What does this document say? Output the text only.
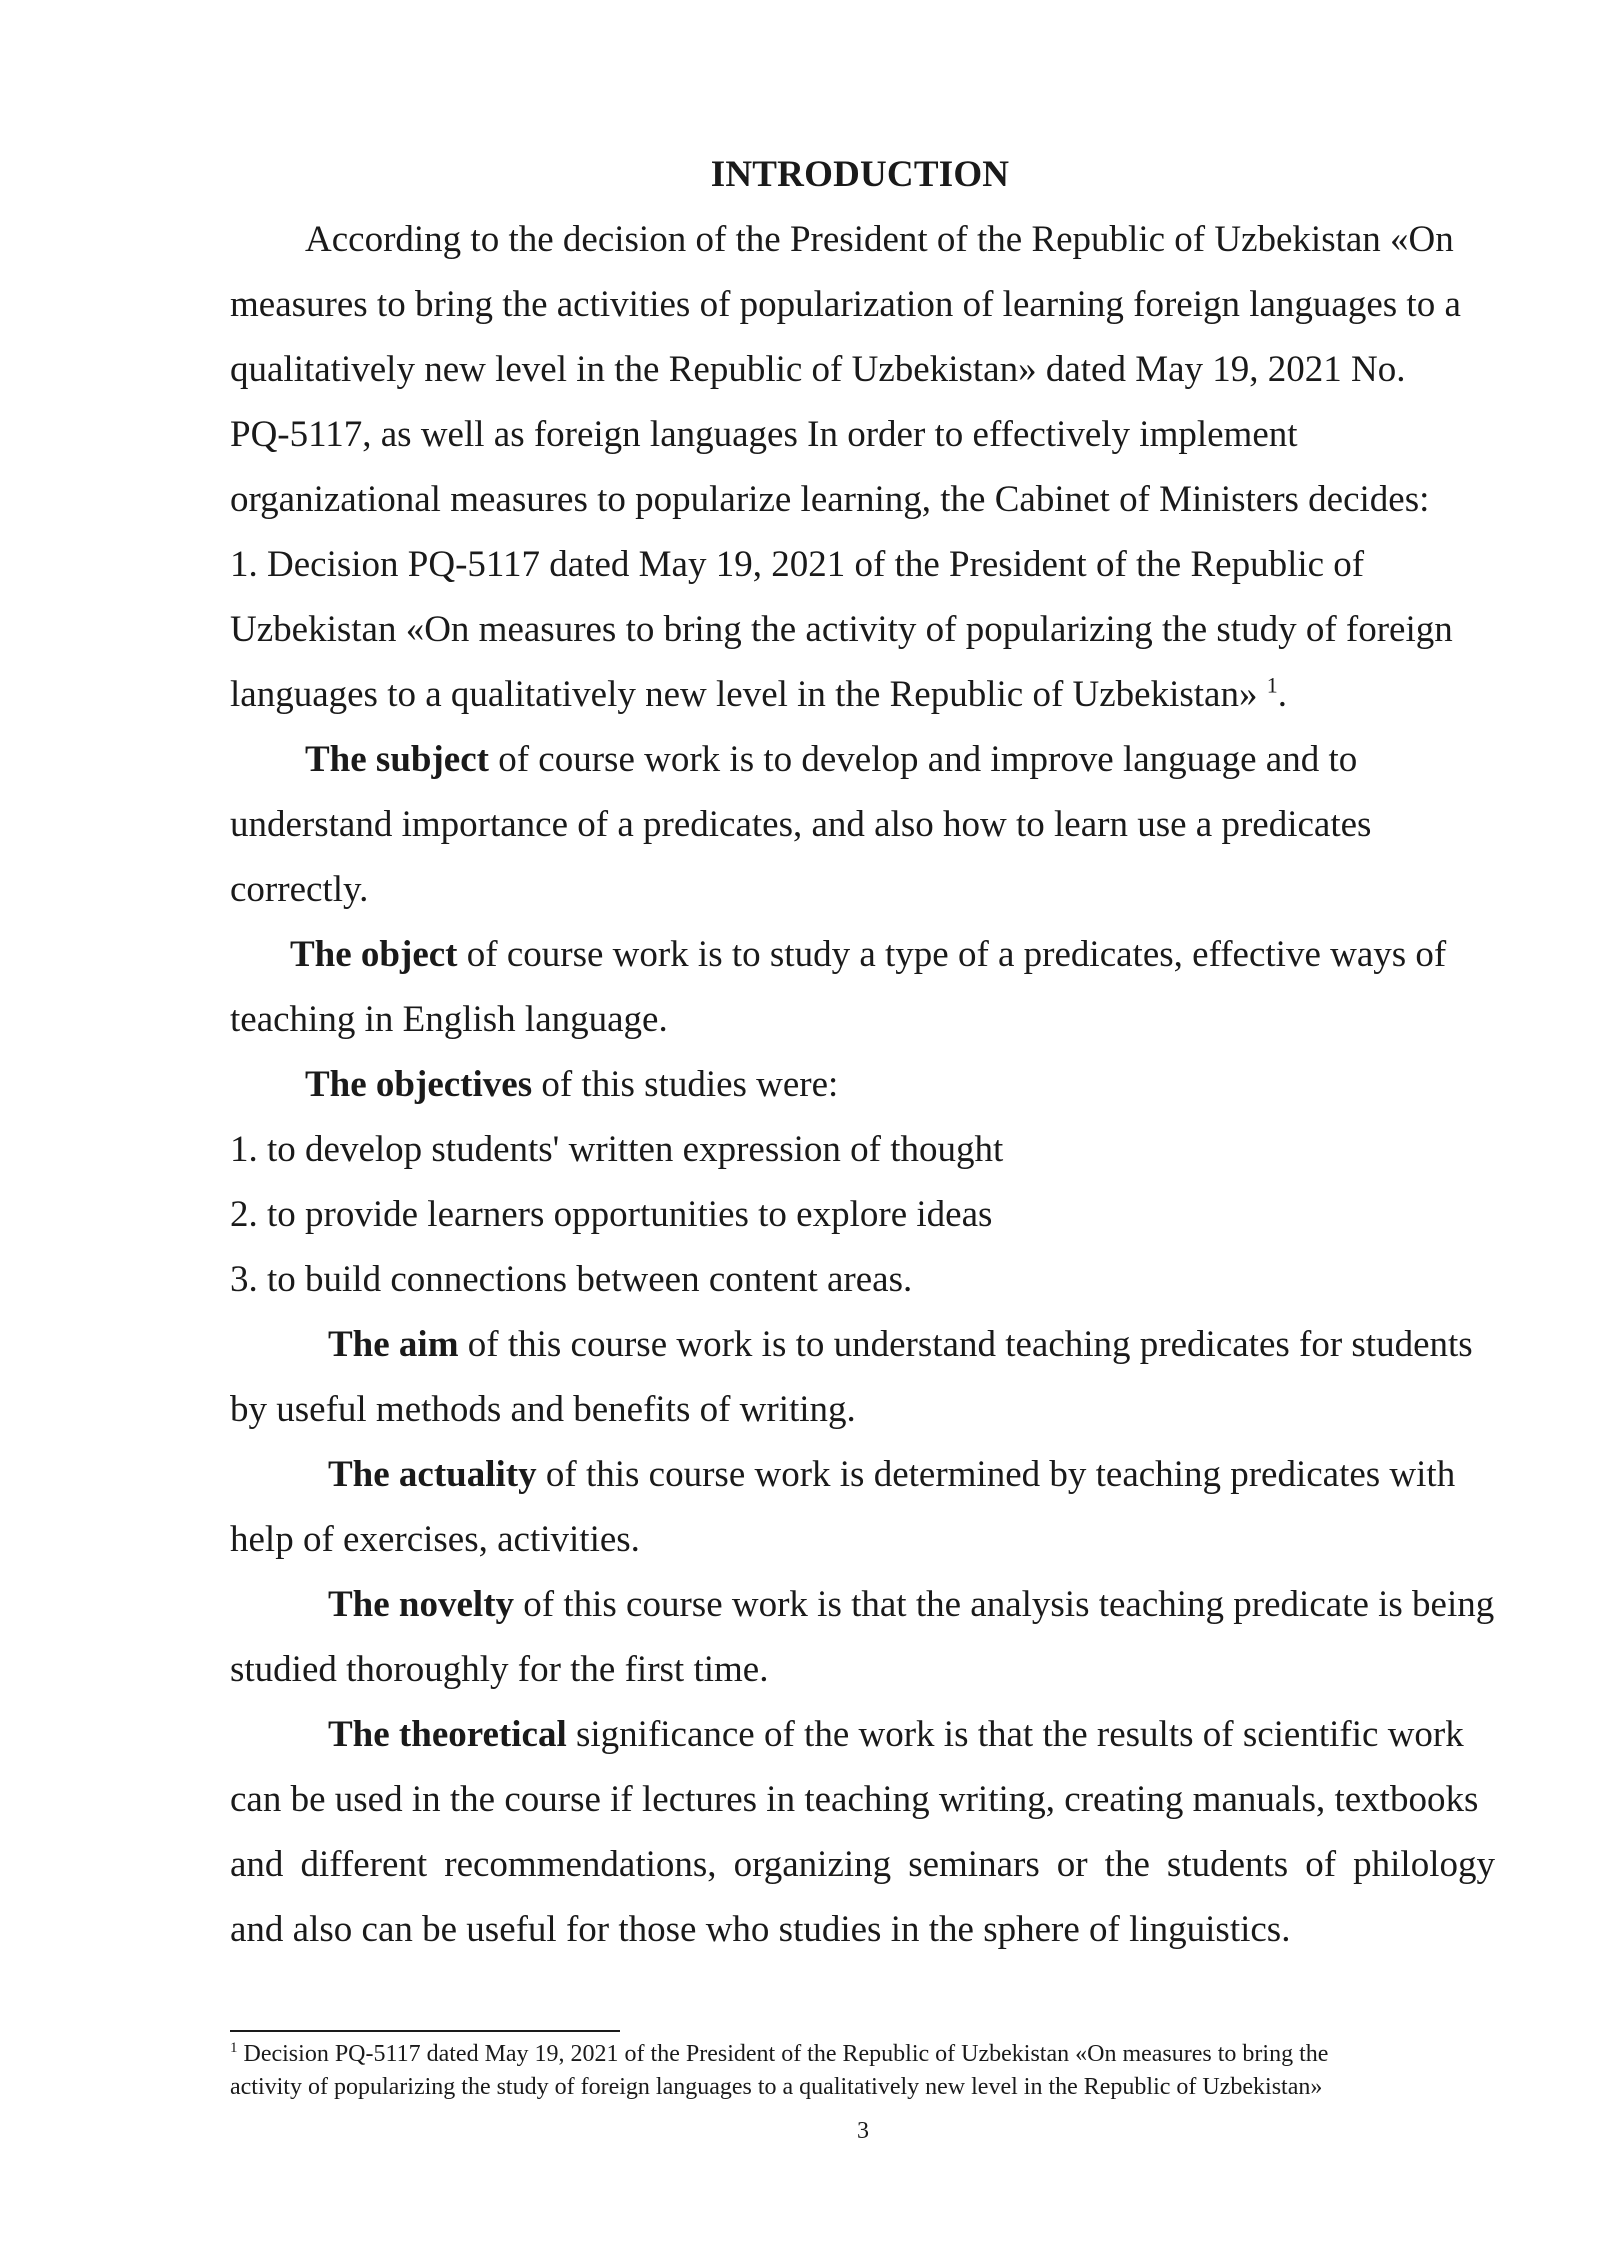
INTRODUCTION
According to the decision of the President of the Republic of Uzbekistan «On
measures to bring the activities of popularization of learning foreign languages to a
qualitatively new level in the Republic of Uzbekistan» dated May 19, 2021 No.
PQ-5117, as well as foreign languages In order to effectively implement
organizational measures to popularize learning, the Cabinet of Ministers decides:
1. Decision PQ-5117 dated May 19, 2021 of the President of the Republic of
Uzbekistan «On measures to bring the activity of popularizing the study of foreign
languages to a qualitatively new level in the Republic of Uzbekistan» $^1$.
The subject of course work is to develop and improve language and to
understand importance of a predicates, and also how to learn use a predicates
correctly.
The object of course work is to study a type of a predicates, effective ways of
teaching in English language.
The objectives of this studies were:
1. to develop students' written expression of thought
2. to provide learners opportunities to explore ideas
3. to build connections between content areas.
The aim of this course work is to understand teaching predicates for students
by useful methods and benefits of writing.
The actuality of this course work is determined by teaching predicates with
help of exercises, activities.
The novelty of this course work is that the analysis teaching predicate is being
studied thoroughly for the first time.
The theoretical significance of the work is that the results of scientific work
can be used in the course if lectures in teaching writing, creating manuals, textbooks
and different recommendations, organizing seminars or the students of philology
and also can be useful for those who studies in the sphere of linguistics.
$^1$ Decision PQ-5117 dated May 19, 2021 of the President of the Republic of Uzbekistan «On measures to bring the
activity of popularizing the study of foreign languages to a qualitatively new level in the Republic of Uzbekistan»
3
